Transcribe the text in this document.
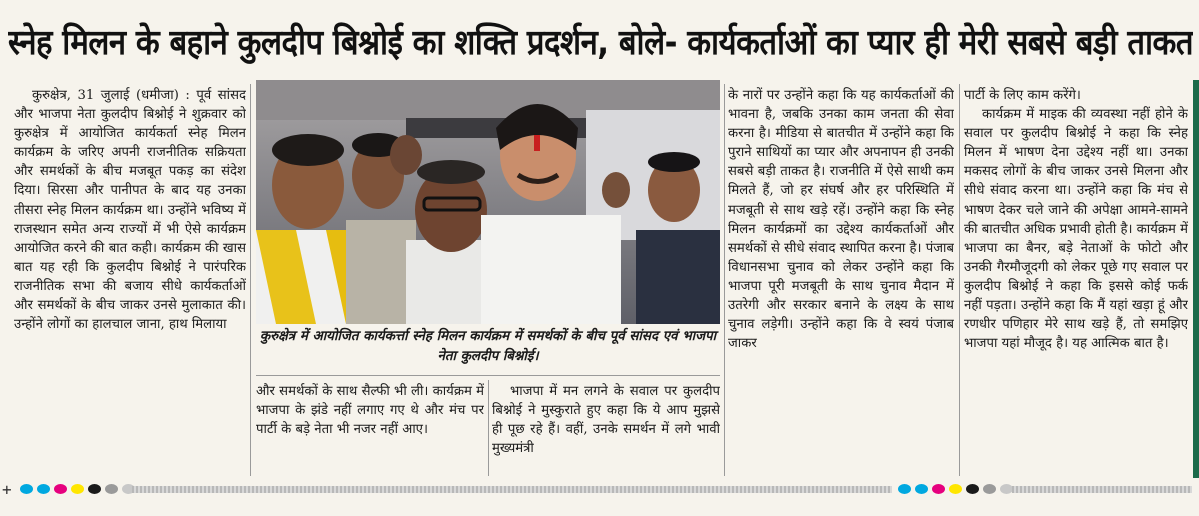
स्नेह मिलन के बहाने कुलदीप बिश्नोई का शक्ति प्रदर्शन, बोले- कार्यकर्ताओं का प्यार ही मेरी सबसे बड़ी ताकत

कुरुक्षेत्र, 31 जुलाई (धमीजा) : पूर्व सांसद और भाजपा नेता कुलदीप बिश्नोई ने शुक्रवार को कुरुक्षेत्र में आयोजित कार्यकर्ता स्नेह मिलन कार्यक्रम के जरिए अपनी राजनीतिक सक्रियता और समर्थकों के बीच मजबूत पकड़ का संदेश दिया। सिरसा और पानीपत के बाद यह उनका तीसरा स्नेह मिलन कार्यक्रम था। उन्होंने भविष्य में राजस्थान समेत अन्य राज्यों में भी ऐसे कार्यक्रम आयोजित करने की बात कही। कार्यक्रम की खास बात यह रही कि कुलदीप बिश्नोई ने पारंपरिक राजनीतिक सभा की बजाय सीधे कार्यकर्ताओं और समर्थकों के बीच जाकर उनसे मुलाकात की। उन्होंने लोगों का हालचाल जाना, हाथ मिलाया

कुरुक्षेत्र में आयोजित कार्यकर्त्ता स्नेह मिलन कार्यक्रम में समर्थकों के बीच पूर्व सांसद एवं भाजपा नेता कुलदीप बिश्नोई।

और समर्थकों के साथ सैल्फी भी ली। कार्यक्रम में भाजपा के झंडे नहीं लगाए गए थे और मंच पर पार्टी के बड़े नेता भी नजर नहीं आए।

भाजपा में मन लगने के सवाल पर कुलदीप बिश्नोई ने मुस्कुराते हुए कहा कि ये आप मुझसे ही पूछ रहे हैं। वहीं, उनके समर्थन में लगे भावी मुख्यमंत्री

के नारों पर उन्होंने कहा कि यह कार्यकर्ताओं की भावना है, जबकि उनका काम जनता की सेवा करना है। मीडिया से बातचीत में उन्होंने कहा कि पुराने साथियों का प्यार और अपनापन ही उनकी सबसे बड़ी ताकत है। राजनीति में ऐसे साथी कम मिलते हैं, जो हर संघर्ष और हर परिस्थिति में मजबूती से साथ खड़े रहें। उन्होंने कहा कि स्नेह मिलन कार्यक्रमों का उद्देश्य कार्यकर्ताओं और समर्थकों से सीधे संवाद स्थापित करना है। पंजाब विधानसभा चुनाव को लेकर उन्होंने कहा कि भाजपा पूरी मजबूती के साथ चुनाव मैदान में उतरेगी और सरकार बनाने के लक्ष्य के साथ चुनाव लड़ेगी। उन्होंने कहा कि वे स्वयं पंजाब जाकर

पार्टी के लिए काम करेंगे।

कार्यक्रम में माइक की व्यवस्था नहीं होने के सवाल पर कुलदीप बिश्नोई ने कहा कि स्नेह मिलन में भाषण देना उद्देश्य नहीं था। उनका मकसद लोगों के बीच जाकर उनसे मिलना और सीधे संवाद करना था। उन्होंने कहा कि मंच से भाषण देकर चले जाने की अपेक्षा आमने-सामने की बातचीत अधिक प्रभावी होती है। कार्यक्रम में भाजपा का बैनर, बड़े नेताओं के फोटो और उनकी गैरमौजूदगी को लेकर पूछे गए सवाल पर कुलदीप बिश्नोई ने कहा कि इससे कोई फर्क नहीं पड़ता। उन्होंने कहा कि मैं यहां खड़ा हूं और रणधीर पणिहार मेरे साथ खड़े हैं, तो समझिए भाजपा यहां मौजूद है। यह आत्मिक बात है।

+
